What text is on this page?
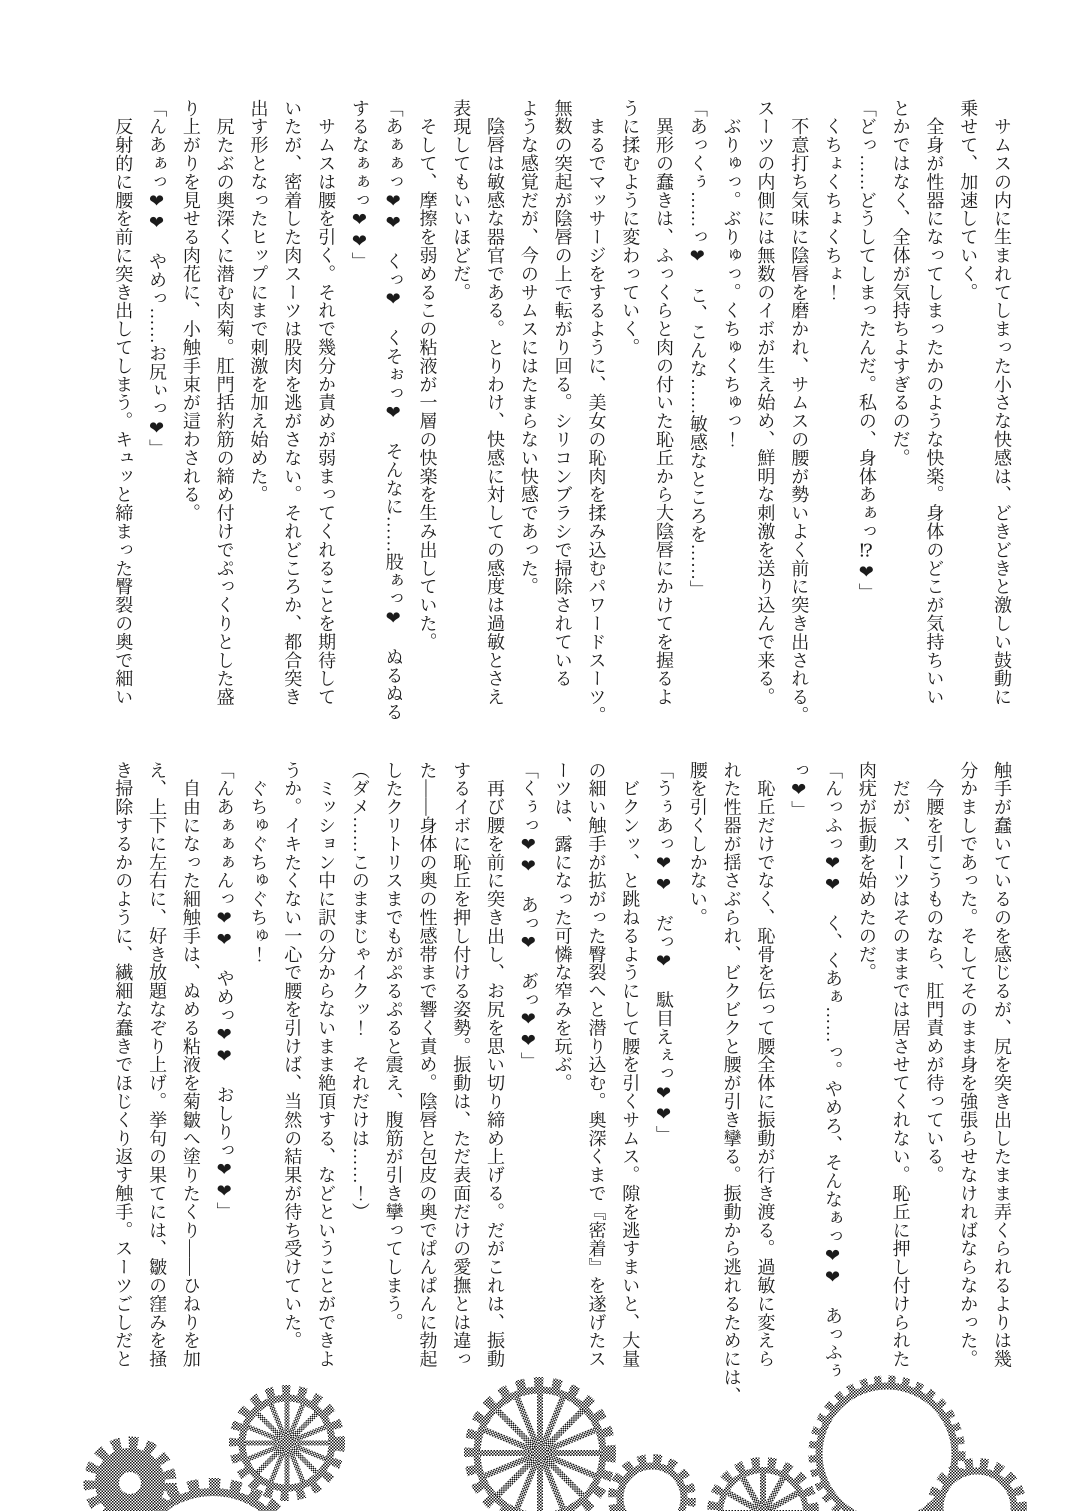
　サムスの内に生まれてしまった小さな快感は、どきどきと激しい鼓動に

乗せて、加速していく。

　全身が性器になってしまったかのような快楽。身体のどこが気持ちいい

とかではなく、全体が気持ちよすぎるのだ。

「どっ……どうしてしまったんだ。私の、身体あぁっ⁉❤」

　くちょくちょくちょ！

　不意打ち気味に陰唇を磨かれ、サムスの腰が勢いよく前に突き出される。

スーツの内側には無数のイボが生え始め、鮮明な刺激を送り込んで来る。

　ぶりゅっ。ぶりゅっ。くちゅくちゅっ！

「あっくぅ……っ❤　こ、こんな……敏感なところを……」

　異形の蠢きは、ふっくらと肉の付いた恥丘から大陰唇にかけてを握るよ

うに揉むように変わっていく。

　まるでマッサージをするように、美女の恥肉を揉み込むパワードスーツ。

無数の突起が陰唇の上で転がり回る。シリコンブラシで掃除されている

ような感覚だが、今のサムスにはたまらない快感であった。

　陰唇は敏感な器官である。とりわけ、快感に対しての感度は過敏とさえ

表現してもいいほどだ。

　そして、摩擦を弱めるこの粘液が一層の快楽を生み出していた。

「あぁぁっ❤❤　くっ❤　くそぉっ❤　そんなに……股ぁっ❤　ぬるぬる

するなぁぁっ❤❤」

　サムスは腰を引く。それで幾分か責めが弱まってくれることを期待して

いたが、密着した肉スーツは股肉を逃がさない。それどころか、都合突き

出す形となったヒップにまで刺激を加え始めた。

　尻たぶの奥深くに潜む肉菊。肛門括約筋の締め付けでぷっくりとした盛

り上がりを見せる肉花に、小触手束が這わされる。

「んあぁっ❤❤　やめっ……お尻ぃっ❤」

　反射的に腰を前に突き出してしまう。キュッと締まった臀裂の奥で細い

触手が蠢いているのを感じるが、尻を突き出したまま弄くられるよりは幾

分かましであった。そしてそのまま身を強張らせなければならなかった。

　今腰を引こうものなら、肛門責めが待っている。

　だが、スーツはそのままでは居させてくれない。恥丘に押し付けられた

肉疣が振動を始めたのだ。

「んっふっ❤❤　く、くあぁ……っ。やめろ、そんなぁっ❤❤　あっふぅ

っ❤」

　恥丘だけでなく、恥骨を伝って腰全体に振動が行き渡る。過敏に変えら

れた性器が揺さぶられ、ビクビクと腰が引き攣る。振動から逃れるためには、

腰を引くしかない。

「うぅあっ❤❤　だっ❤　駄目えぇっ❤❤」

　ビクンッ、と跳ねるようにして腰を引くサムス。隙を逃すまいと、大量

の細い触手が拡がった臀裂へと潜り込む。奥深くまで『密着』を遂げたス

ーツは、露になった可憐な窄みを玩ぶ。

「くぅっ❤❤　あっ❤　あ゙っ❤❤」

　再び腰を前に突き出し、お尻を思い切り締め上げる。だがこれは、振動

するイボに恥丘を押し付ける姿勢。振動は、ただ表面だけの愛撫とは違っ

た――身体の奥の性感帯まで響く責め。陰唇と包皮の奥でぱんぱんに勃起

したクリトリスまでもがぷるぷると震え、腹筋が引き攣ってしまう。

（ダメ……このままじゃイクッ！　それだけは……！）

　ミッション中に訳の分からないまま絶頂する、などということができよ

うか。イキたくない一心で腰を引けば、当然の結果が待ち受けていた。

　ぐちゅぐちゅぐちゅ！

「んあぁぁぁんっ❤❤　やめっ❤❤　おしりっ❤❤」

　自由になった細触手は、ぬめる粘液を菊皺へ塗りたくり――ひねりを加

え、上下に左右に、好き放題なぞり上げ。挙句の果てには、皺の窪みを掻

き掃除するかのように、繊細な蠢きでほじくり返す触手。スーツごしだと
